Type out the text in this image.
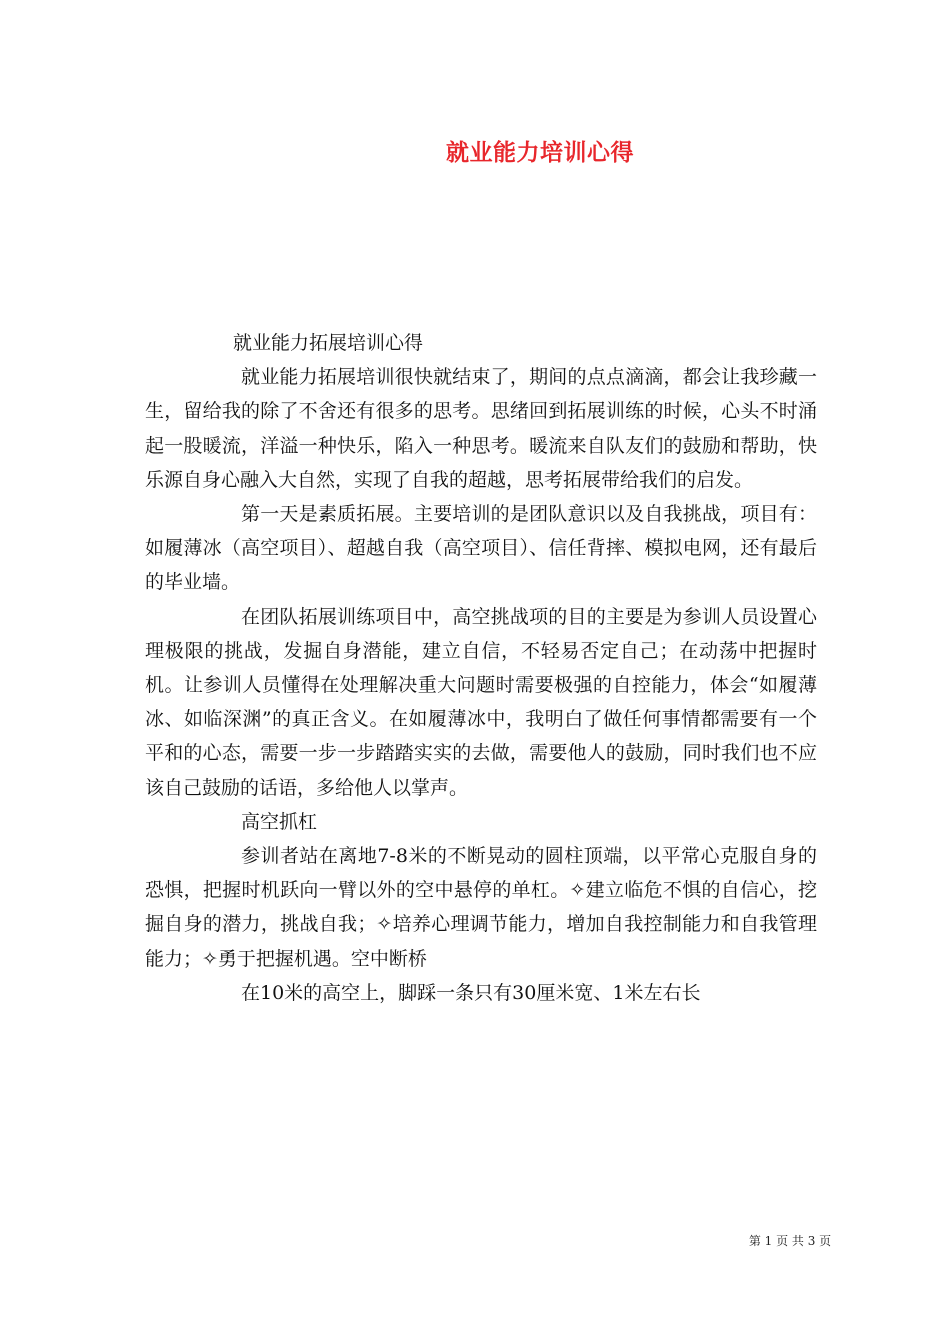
就业能力培训心得

就业能力拓展培训心得

就业能力拓展培训很快就结束了，期间的点点滴滴，都会让我珍藏一生，留给我的除了不舍还有很多的思考。思绪回到拓展训练的时候，心头不时涌起一股暖流，洋溢一种快乐，陷入一种思考。暖流来自队友们的鼓励和帮助，快乐源自身心融入大自然，实现了自我的超越，思考拓展带给我们的启发。

第一天是素质拓展。主要培训的是团队意识以及自我挑战，项目有：如履薄冰（高空项目）、超越自我（高空项目）、信任背摔、模拟电网，还有最后的毕业墙。

在团队拓展训练项目中，高空挑战项的目的主要是为参训人员设置心理极限的挑战，发掘自身潜能，建立自信，不轻易否定自己；在动荡中把握时机。让参训人员懂得在处理解决重大问题时需要极强的自控能力，体会“如履薄冰、如临深渊”的真正含义。在如履薄冰中，我明白了做任何事情都需要有一个平和的心态，需要一步一步踏踏实实的去做，需要他人的鼓励，同时我们也不应该自己鼓励的话语，多给他人以掌声。

高空抓杠

参训者站在离地7-8米的不断晃动的圆柱顶端，以平常心克服自身的恐惧，把握时机跃向一臂以外的空中悬停的单杠。✧建立临危不惧的自信心，挖掘自身的潜力，挑战自我；✧培养心理调节能力，增加自我控制能力和自我管理能力；✧勇于把握机遇。空中断桥

在10米的高空上，脚踩一条只有30厘米宽、1米左右长

第 1 页 共 3 页
